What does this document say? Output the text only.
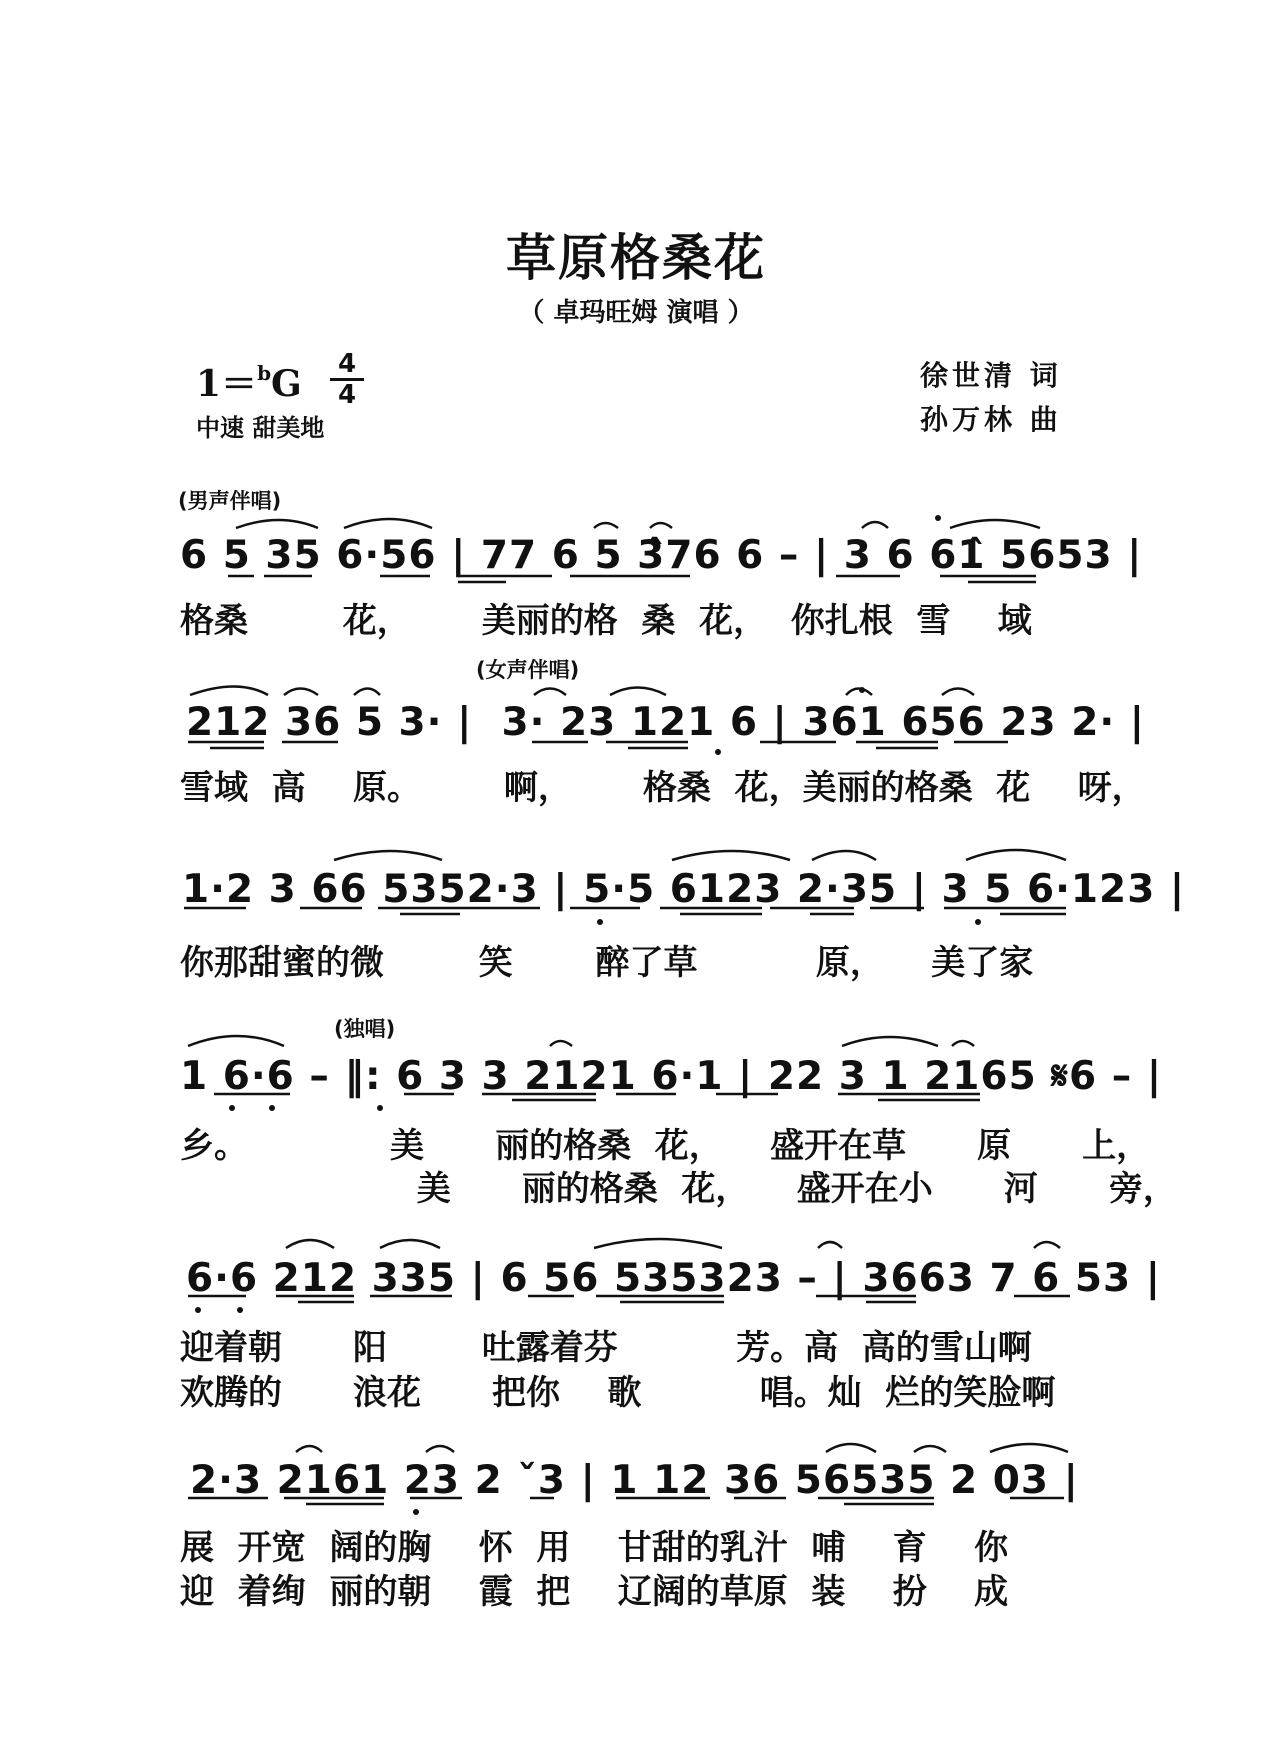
草原格桑花
（ 卓玛旺姆 演唱 ）
1＝$^b$G	4
4
中速 甜美地
徐世清 词
孙万林 曲
(男声伴唱)
(女声伴唱)
(独唱)
6 5 35 6·56 | 77 6 5 3̂76 6 – | 3 6 61̂ 5653 |
格桑        花，      美丽的格  桑  花，  你扎根  雪    域
212 36 5 3· |  3· 23 121 6 | 361 656 23 2· |
雪域  高    原。       啊，      格桑  花，美丽的格桑  花    呀，
1·2 3 66 5352·3 | 5·5 6123 2·35 | 3 5 6·123 |
你那甜蜜的微        笑       醉了草          原，    美了家
1 6·6 – ‖: 6 3 3 2121 6·1 | 22 3 1 2165 𝄋6 – |
乡。            美      丽的格桑  花，    盛开在草      原      上，
美      丽的格桑  花，    盛开在小      河      旁，
6·6 212 335 | 6 56 535323 – | 3663 7 6 53 |
迎着朝      阳        吐露着芬          芳。高  高的雪山啊
欢腾的      浪花      把你    歌          唱。灿  烂的笑脸啊
2·3 2161 23 2 ˇ3 | 1 12 36 56535 2 03 |
展  开宽  阔的胸    怀  用    甘甜的乳汁  哺    育    你
迎  着绚  丽的朝    霞  把    辽阔的草原  装    扮    成
